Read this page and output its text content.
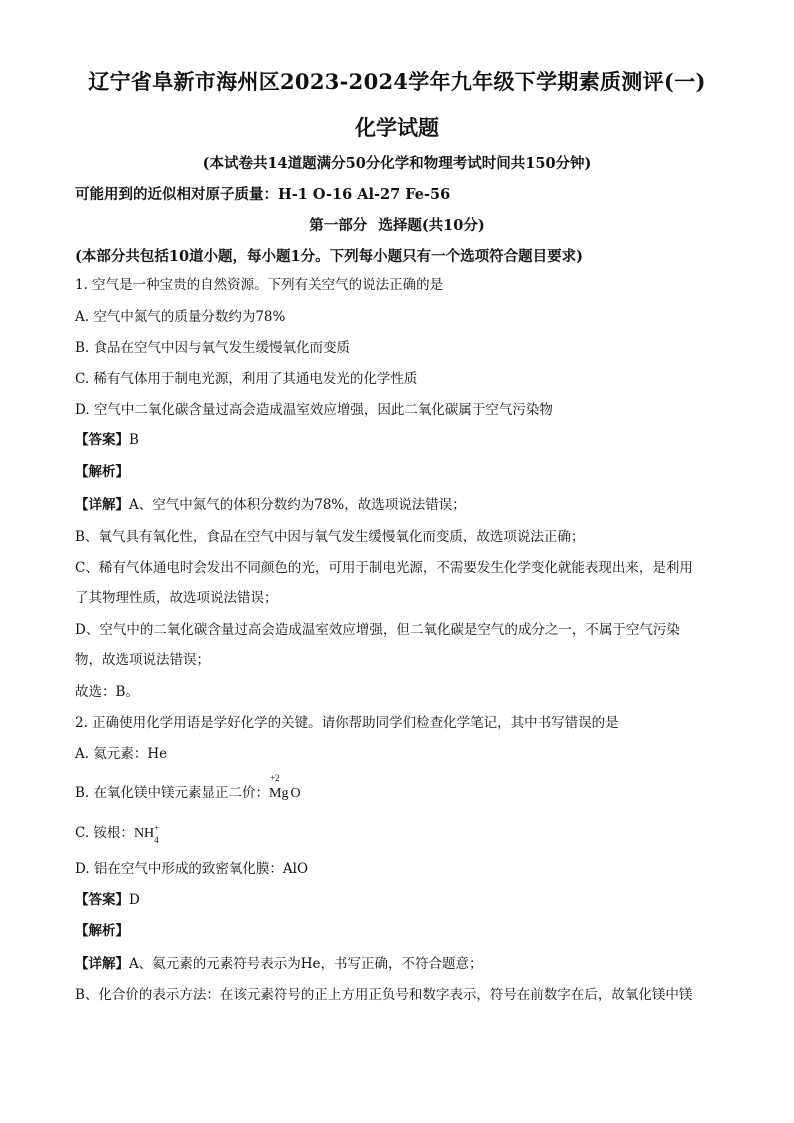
辽宁省阜新市海州区2023-2024学年九年级下学期素质测评(一)
化学试题
(本试卷共14道题满分50分化学和物理考试时间共150分钟)
可能用到的近似相对原子质量：H-1 O-16 Al-27 Fe-56
第一部分 选择题(共10分)
(本部分共包括10道小题，每小题1分。下列每小题只有一个选项符合题目要求)
1. 空气是一种宝贵的自然资源。下列有关空气的说法正确的是
A. 空气中氮气的质量分数约为78%
B. 食品在空气中因与氧气发生缓慢氧化而变质
C. 稀有气体用于制电光源，利用了其通电发光的化学性质
D. 空气中二氧化碳含量过高会造成温室效应增强，因此二氧化碳属于空气污染物
【答案】B
【解析】
【详解】A、空气中氮气的体积分数约为78%，故选项说法错误；
B、氧气具有氧化性，食品在空气中因与氧气发生缓慢氧化而变质，故选项说法正确；
C、稀有气体通电时会发出不同颜色的光，可用于制电光源，不需要发生化学变化就能表现出来，是利用
了其物理性质，故选项说法错误；
D、空气中的二氧化碳含量过高会造成温室效应增强，但二氧化碳是空气的成分之一，不属于空气污染
物，故选项说法错误；
故选：B。
2. 正确使用化学用语是学好化学的关键。请你帮助同学们检查化学笔记，其中书写错误的是
A. 氦元素：He
B. 在氧化镁中镁元素显正二价：
+2
Mg O
C. 铵根：NH +
4
D. 铝在空气中形成的致密氧化膜：AlO
【答案】D
【解析】
【详解】A、氦元素的元素符号表示为He，书写正确，不符合题意；
B、化合价的表示方法：在该元素符号的正上方用正负号和数字表示，符号在前数字在后，故氧化镁中镁
